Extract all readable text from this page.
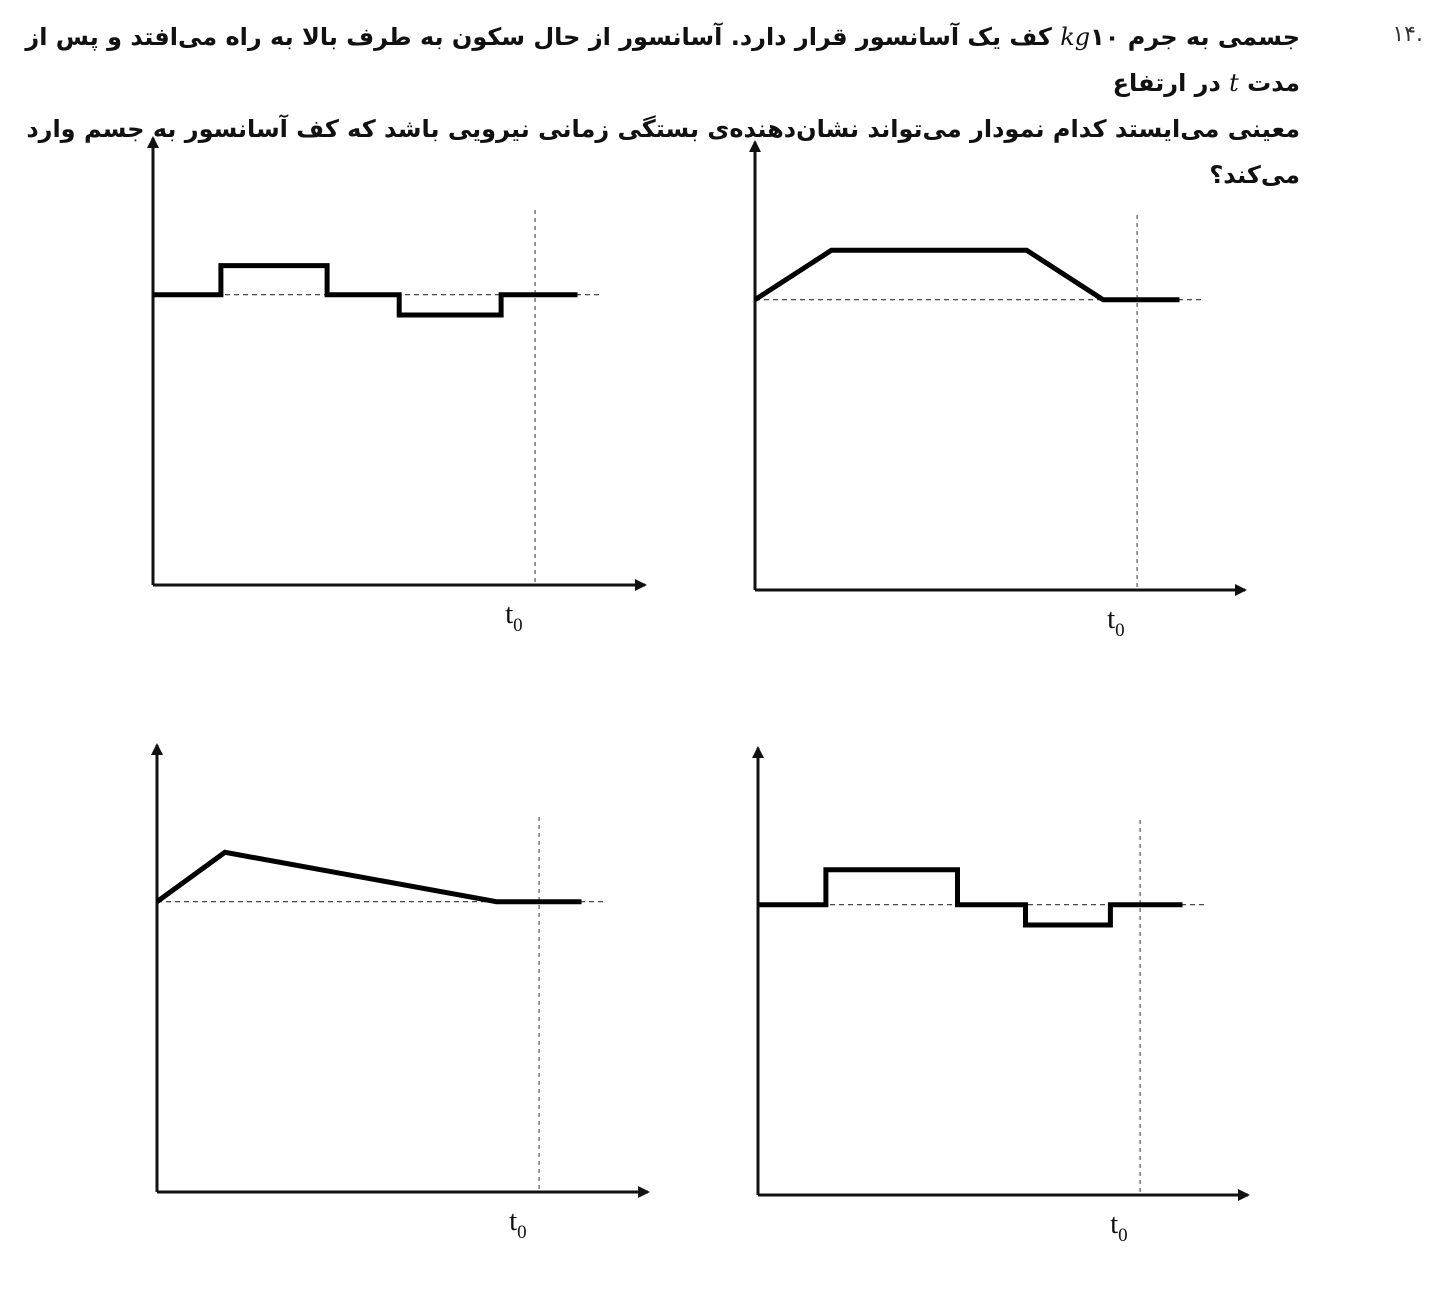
۱۴.

جسمی به جرم kg۱۰ کف یک آسانسور قرار دارد. آسانسور از حال سکون به طرف بالا به راه می‌افتد و پس از مدت t در ارتفاع

معینی می‌ایستد کدام نمودار می‌تواند نشان‌دهنده‌ی بستگی زمانی نیرویی باشد که کف آسانسور به جسم وارد می‌کند؟

$t_0$
$t_0$
$t_0$
$t_0$
